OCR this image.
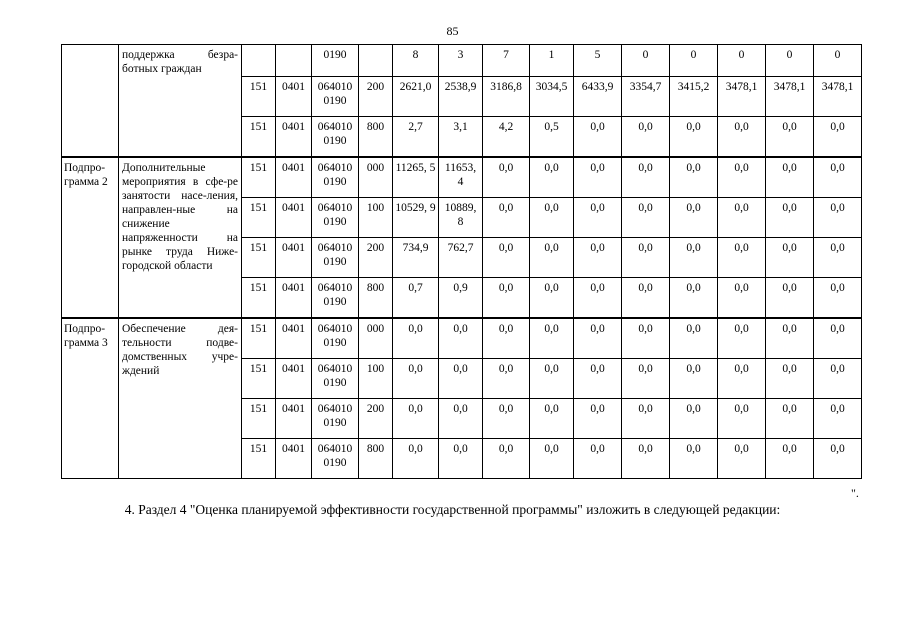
85
	поддержка безра-ботных граждан			0190		8	3	7	1	5	0	0	0	0	0
		151	0401	064010 0190	200	2621,0	2538,9	3186,8	3034,5	6433,9	3354,7	3415,2	3478,1	3478,1	3478,1
		151	0401	064010 0190	800	2,7	3,1	4,2	0,5	0,0	0,0	0,0	0,0	0,0	0,0
Подпро-грамма 2	Дополнительные мероприятия в сфе-ре занятости насе-ления, направлен-ные на снижение напряженности на рынке труда Ниже-городской области	151	0401	064010 0190	000	11265, 5	11653, 4	0,0	0,0	0,0	0,0	0,0	0,0	0,0	0,0
		151	0401	064010 0190	100	10529, 9	10889, 8	0,0	0,0	0,0	0,0	0,0	0,0	0,0	0,0
		151	0401	064010 0190	200	734,9	762,7	0,0	0,0	0,0	0,0	0,0	0,0	0,0	0,0
		151	0401	064010 0190	800	0,7	0,9	0,0	0,0	0,0	0,0	0,0	0,0	0,0	0,0
Подпро-грамма 3	Обеспечение дея-тельности подве-домственных учре-ждений	151	0401	064010 0190	000	0,0	0,0	0,0	0,0	0,0	0,0	0,0	0,0	0,0	0,0
		151	0401	064010 0190	100	0,0	0,0	0,0	0,0	0,0	0,0	0,0	0,0	0,0	0,0
		151	0401	064010 0190	200	0,0	0,0	0,0	0,0	0,0	0,0	0,0	0,0	0,0	0,0
		151	0401	064010 0190	800	0,0	0,0	0,0	0,0	0,0	0,0	0,0	0,0	0,0	0,0
".
4. Раздел 4 "Оценка планируемой эффективности государственной программы" изложить в следующей редакции:
